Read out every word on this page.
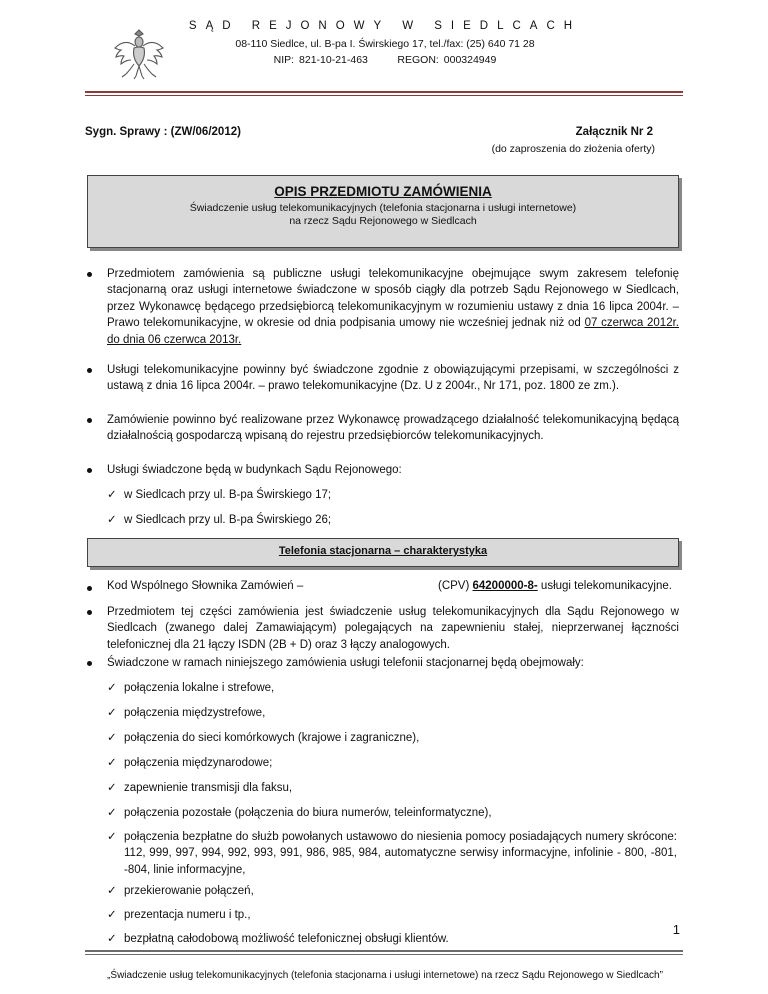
SĄD REJONOWY W SIEDLCACH
08-110 Siedlce, ul. B-pa I. Świrskiego 17, tel./fax: (25) 640 71 28
NIP: 821-10-21-463	REGON: 000324949
Sygn. Sprawy : (ZW/06/2012)	Załącznik Nr 2
(do zaproszenia do złożenia oferty)
OPIS PRZEDMIOTU ZAMÓWIENIA
Świadczenie usług telekomunikacyjnych (telefonia stacjonarna i usługi internetowe)
na rzecz Sądu Rejonowego w Siedlcach
Przedmiotem zamówienia są publiczne usługi telekomunikacyjne obejmujące swym zakresem telefonię stacjonarną oraz usługi internetowe świadczone w sposób ciągły dla potrzeb Sądu Rejonowego w Siedlcach, przez Wykonawcę będącego przedsiębiorcą telekomunikacyjnym w rozumieniu ustawy z dnia 16 lipca 2004r. – Prawo telekomunikacyjne, w okresie od dnia podpisania umowy nie wcześniej jednak niż od 07 czerwca 2012r. do dnia 06 czerwca 2013r.
Usługi telekomunikacyjne powinny być świadczone zgodnie z obowiązującymi przepisami, w szczególności z ustawą z dnia 16 lipca 2004r. – prawo telekomunikacyjne (Dz. U z 2004r., Nr 171, poz. 1800 ze zm.).
Zamówienie powinno być realizowane przez Wykonawcę prowadzącego działalność telekomunikacyjną będącą działalnością gospodarczą wpisaną do rejestru przedsiębiorców telekomunikacyjnych.
Usługi świadczone będą w budynkach Sądu Rejonowego:
✓ w Siedlcach przy ul. B-pa Świrskiego 17;
✓ w Siedlcach przy ul. B-pa Świrskiego 26;
Telefonia stacjonarna – charakterystyka
Kod Wspólnego Słownika Zamówień –	(CPV) 64200000-8- usługi telekomunikacyjne.
Przedmiotem tej części zamówienia jest świadczenie usług telekomunikacyjnych dla Sądu Rejonowego w Siedlcach (zwanego dalej Zamawiającym) polegających na zapewnieniu stałej, nieprzerwanej łączności telefonicznej dla 21 łączy ISDN (2B + D) oraz 3 łączy analogowych.
Świadczone w ramach niniejszego zamówienia usługi telefonii stacjonarnej będą obejmowały:
✓ połączenia lokalne i strefowe,
✓ połączenia międzystrefowe,
✓ połączenia do sieci komórkowych (krajowe i zagraniczne),
✓ połączenia międzynarodowe;
✓ zapewnienie transmisji dla faksu,
✓ połączenia pozostałe (połączenia do biura numerów, teleinformatyczne),
✓ połączenia bezpłatne do służb powołanych ustawowo do niesienia pomocy posiadających numery skrócone: 112, 999, 997, 994, 992, 993, 991, 986, 985, 984, automatyczne serwisy informacyjne, infolinie - 800, -801, -804, linie informacyjne,
✓ przekierowanie połączeń,
✓ prezentacja numeru i tp.,
✓ bezpłatną całodobową możliwość telefonicznej obsługi klientów.
1
„Świadczenie usług telekomunikacyjnych (telefonia stacjonarna i usługi internetowe) na rzecz Sądu Rejonowego w Siedlcach”
